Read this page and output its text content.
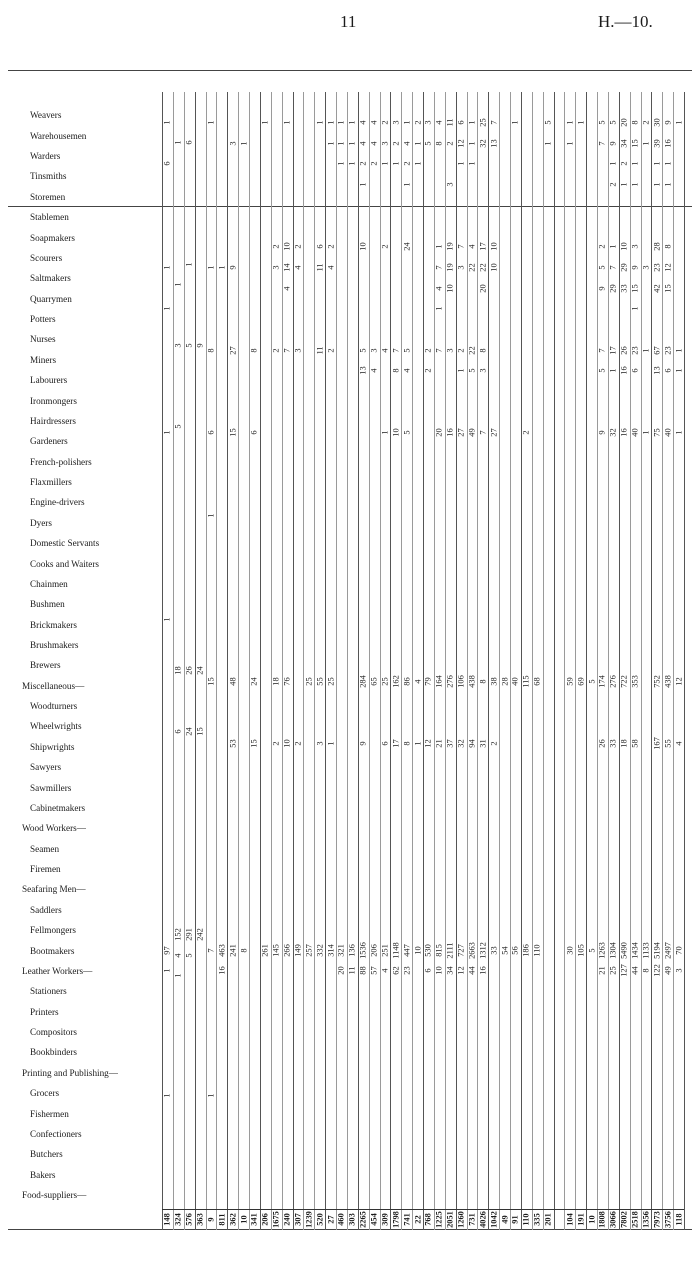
11	H.—10.
Food-suppliers—
Bakers
Butchers
Confectioners
Fishermen
Grocers
Printing and Publishing—
Bookbinders
Compositors
Printers
Stationers
Leather Workers—
Bootmakers
Fellmongers
Saddlers
Seafaring Men—
Firemen
Seamen
Wood Workers—
Cabinetmakers
Sawmillers
Sawyers
Shipwrights
Wheelwrights
Woodturners
Miscellaneous—
Brewers
Brushmakers
Brickmakers
Bushmen
Chainmen
Cooks and Waiters
Domestic Servants
Dyers
Engine-drivers
Flaxmillers
French-polishers
Gardeners
Hairdressers
Ironmongers
Labourers
Miners
Nurses
Potters
Quarrymen
Saltmakers
Scourers
Soapmakers
Stablemen
Storemen
Tinsmiths
Warders
Warehousemen
Weavers
1
6
1
1
1
1
97
1
1
148
1
1
3
5
18
6
152
4
1
324
6
1
5
26
24
291
5
576
9
24
15
242
363
1
1
8
6
1
15
7
1
9
1
463
16
811
3
9
27
15
48
53
241
362
1
8
10
8
6
24
15
341
1
261
206
2
3
2
18
2
145
1675
1
10
14
4
7
76
10
266
240
2
4
3
2
149
307
25
257
1239
1
6
11
11
55
3
332
520
1
1
2
4
2
25
1
314
27
1
1
1
321
20
460
1
1
1
136
11
303
4
4
2
1
10
5
13
284
9
1536
88
2265
4
4
2
3
4
65
206
57
454
2
3
1
2
4
1
25
6
251
4
309
3
2
1
7
8
10
162
17
1148
62
1798
1
4
2
1
24
5
4
5
86
8
447
23
741
2
1
1
4
1
10
22
3
5
2
2
79
12
530
6
768
4
8
1
7
4
1
7
20
164
21
815
10
1225
11
2
3
19
19
10
3
16
276
37
2111
34
2051
6
12
1
7
3
2
1
27
106
32
727
12
1260
1
1
1
4
22
22
5
49
438
94
2663
44
731
25
32
17
22
20
8
3
7
8
31
1312
16
4026
7
13
10
10
27
38
2
33
1042
28
54
49
1
40
56
91
2
115
186
110
68
110
335
5
1
201
1
1
59
30
104
1
69
105
191
5
5
10
5
7
2
5
9
7
5
9
174
26
1263
21
1808
5
9
1
2
1
7
29
17
1
32
276
33
1304
25
3066
20
34
2
1
10
29
33
26
16
16
722
18
5490
127
7802
8
15
1
1
3
9
15
1
23
6
40
353
58
1434
44
2518
2
1
3
1
1
1133
8
1356
30
39
1
1
28
23
42
67
13
75
752
167
5194
122
7973
9
16
1
1
8
12
15
23
6
40
438
55
2497
49
3756
1
1
1
1
12
4
70
3
118
